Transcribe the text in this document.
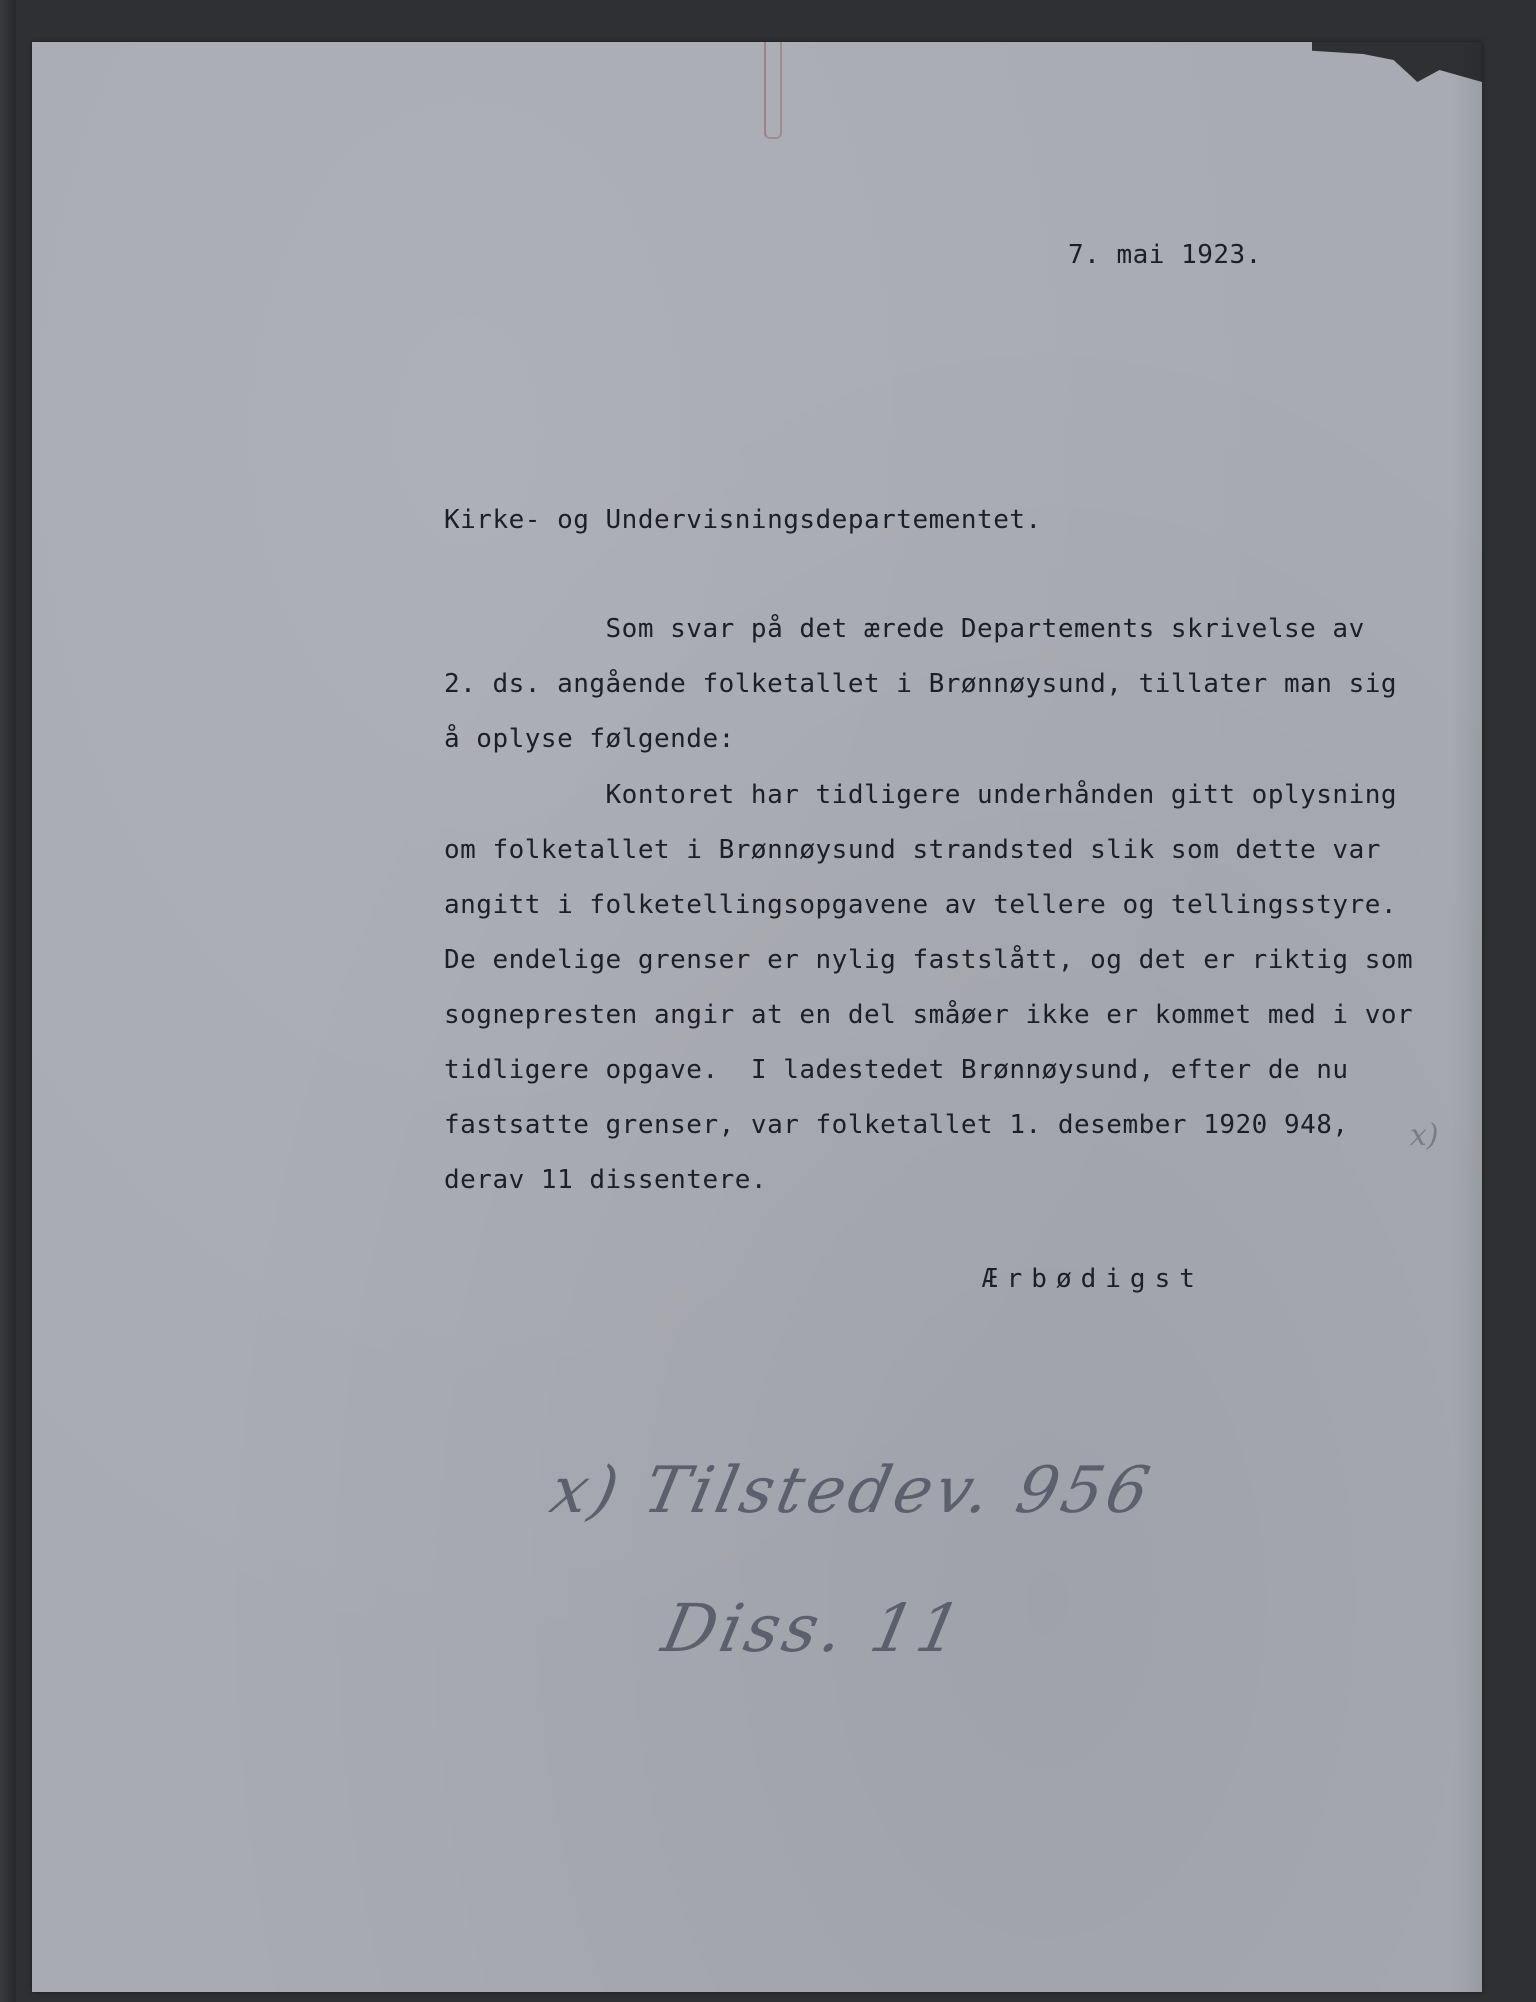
7. mai 1923.
Kirke- og Undervisningsdepartementet.
Som svar på det ærede Departements skrivelse av
2. ds. angående folketallet i Brønnøysund, tillater man sig
å oplyse følgende:
Kontoret har tidligere underhånden gitt oplysning
om folketallet i Brønnøysund strandsted slik som dette var
angitt i folketellingsopgavene av tellere og tellingsstyre.
De endelige grenser er nylig fastslått, og det er riktig som
sognepresten angir at en del småøer ikke er kommet med i vor
tidligere opgave.  I ladestedet Brønnøysund, efter de nu
fastsatte grenser, var folketallet 1. desember 1920 948,
derav 11 dissentere.
x)
Ærbødigst
x) Tilstedev. 956
Diss. 11
